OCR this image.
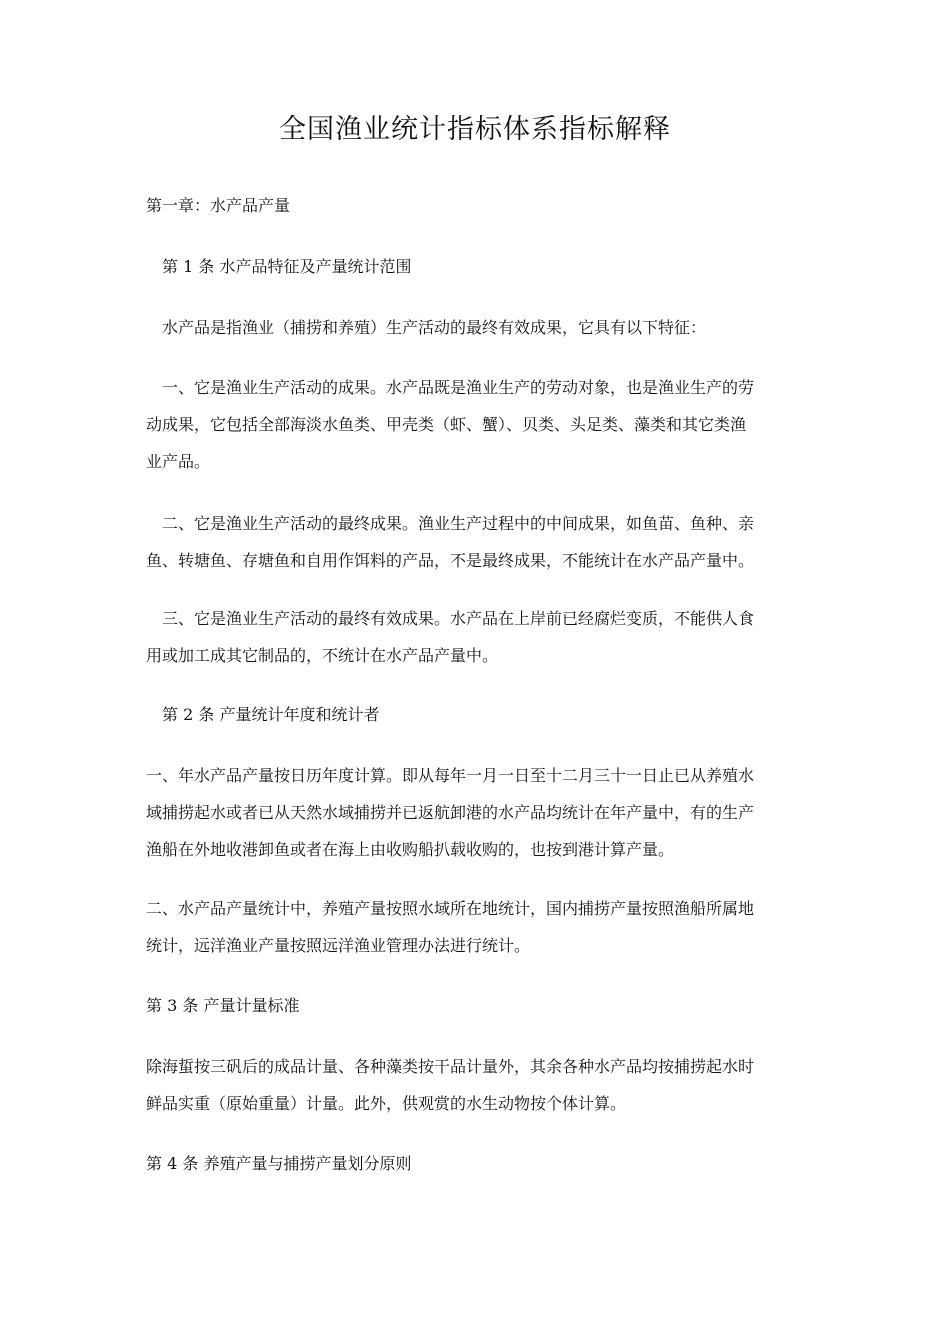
全国渔业统计指标体系指标解释
第一章：水产品产量
第 1 条 水产品特征及产量统计范围
水产品是指渔业（捕捞和养殖）生产活动的最终有效成果，它具有以下特征：
一、它是渔业生产活动的成果。水产品既是渔业生产的劳动对象，也是渔业生产的劳
动成果，它包括全部海淡水鱼类、甲壳类（虾、蟹）、贝类、头足类、藻类和其它类渔
业产品。
二、它是渔业生产活动的最终成果。渔业生产过程中的中间成果，如鱼苗、鱼种、亲
鱼、转塘鱼、存塘鱼和自用作饵料的产品，不是最终成果，不能统计在水产品产量中。
三、它是渔业生产活动的最终有效成果。水产品在上岸前已经腐烂变质，不能供人食
用或加工成其它制品的，不统计在水产品产量中。
第 2 条 产量统计年度和统计者
一、年水产品产量按日历年度计算。即从每年一月一日至十二月三十一日止已从养殖水
域捕捞起水或者已从天然水域捕捞并已返航卸港的水产品均统计在年产量中，有的生产
渔船在外地收港卸鱼或者在海上由收购船扒载收购的，也按到港计算产量。
二、水产品产量统计中，养殖产量按照水域所在地统计，国内捕捞产量按照渔船所属地
统计，远洋渔业产量按照远洋渔业管理办法进行统计。
第 3 条 产量计量标准
除海蜇按三矾后的成品计量、各种藻类按干品计量外，其余各种水产品均按捕捞起水时
鲜品实重（原始重量）计量。此外，供观赏的水生动物按个体计算。
第 4 条 养殖产量与捕捞产量划分原则
